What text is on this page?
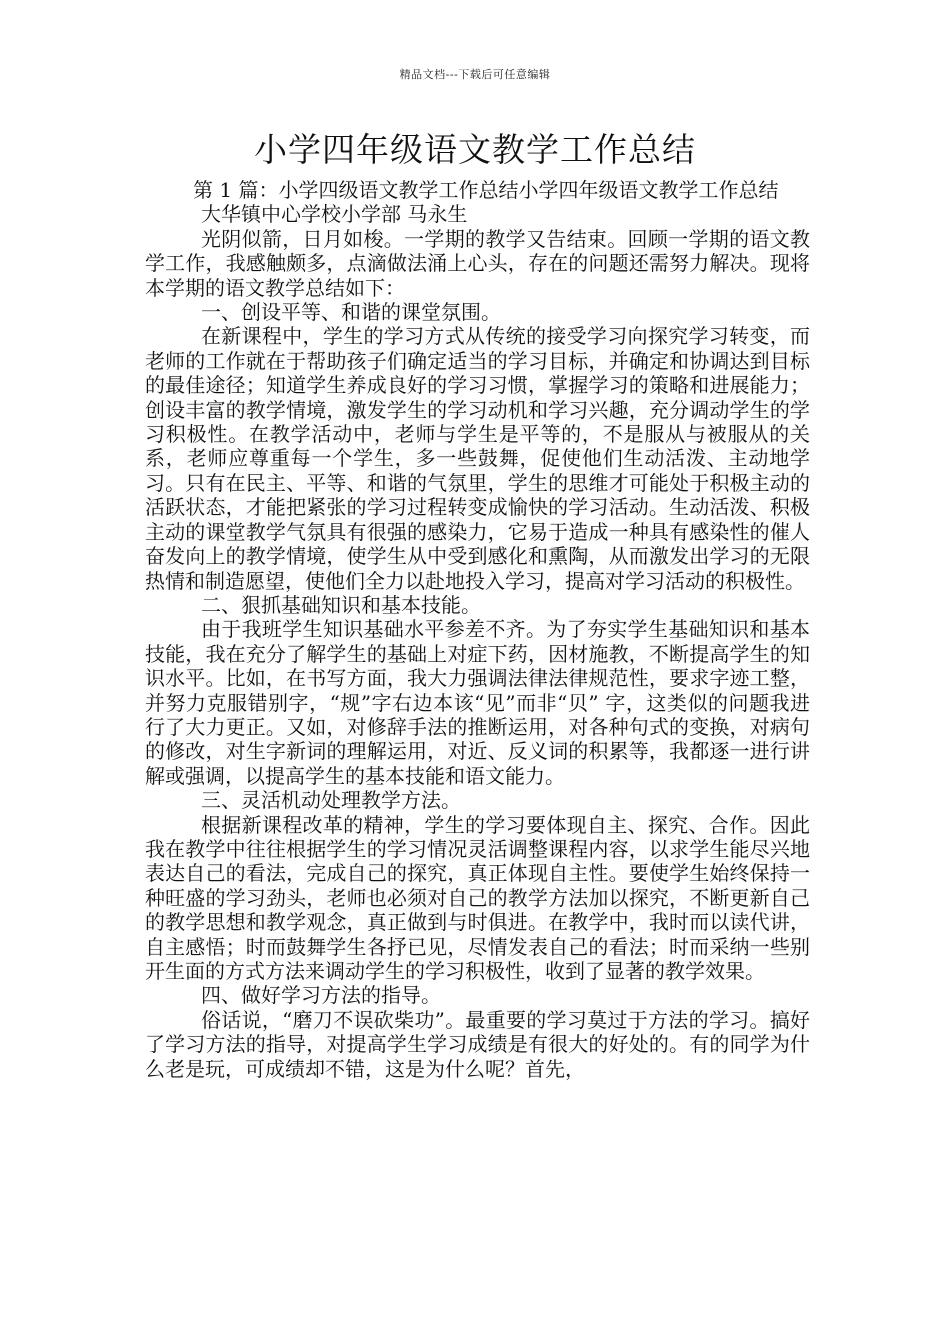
精品文档---下载后可任意编辑
小学四年级语文教学工作总结

第 1 篇：小学四级语文教学工作总结小学四年级语文教学工作总结

大华镇中心学校小学部 马永生

光阴似箭，日月如梭。一学期的教学又告结束。回顾一学期的语文教学工作，我感触颇多，点滴做法涌上心头，存在的问题还需努力解决。现将本学期的语文教学总结如下：

一、创设平等、和谐的课堂氛围。

在新课程中，学生的学习方式从传统的接受学习向探究学习转变，而老师的工作就在于帮助孩子们确定适当的学习目标，并确定和协调达到目标的最佳途径；知道学生养成良好的学习习惯，掌握学习的策略和进展能力；创设丰富的教学情境，激发学生的学习动机和学习兴趣，充分调动学生的学习积极性。在教学活动中，老师与学生是平等的，不是服从与被服从的关系，老师应尊重每一个学生，多一些鼓舞，促使他们生动活泼、主动地学习。只有在民主、平等、和谐的气氛里，学生的思维才可能处于积极主动的活跃状态，才能把紧张的学习过程转变成愉快的学习活动。生动活泼、积极主动的课堂教学气氛具有很强的感染力，它易于造成一种具有感染性的催人奋发向上的教学情境，使学生从中受到感化和熏陶，从而激发出学习的无限热情和制造愿望，使他们全力以赴地投入学习，提高对学习活动的积极性。

二、狠抓基础知识和基本技能。

由于我班学生知识基础水平参差不齐。为了夯实学生基础知识和基本技能，我在充分了解学生的基础上对症下药，因材施教，不断提高学生的知识水平。比如，在书写方面，我大力强调法律法律规范性，要求字迹工整，并努力克服错别字，“规”字右边本该“见”而非“贝” 字，这类似的问题我进行了大力更正。又如，对修辞手法的推断运用，对各种句式的变换，对病句的修改，对生字新词的理解运用，对近、反义词的积累等，我都逐一进行讲解或强调，以提高学生的基本技能和语文能力。

三、灵活机动处理教学方法。

根据新课程改革的精神，学生的学习要体现自主、探究、合作。因此我在教学中往往根据学生的学习情况灵活调整课程内容，以求学生能尽兴地表达自己的看法，完成自己的探究，真正体现自主性。要使学生始终保持一种旺盛的学习劲头，老师也必须对自己的教学方法加以探究，不断更新自己的教学思想和教学观念，真正做到与时俱进。在教学中，我时而以读代讲，自主感悟；时而鼓舞学生各抒已见，尽情发表自己的看法；时而采纳一些别开生面的方式方法来调动学生的学习积极性，收到了显著的教学效果。

四、做好学习方法的指导。

俗话说，“磨刀不误砍柴功”。最重要的学习莫过于方法的学习。搞好了学习方法的指导，对提高学生学习成绩是有很大的好处的。有的同学为什么老是玩，可成绩却不错，这是为什么呢？首先，
